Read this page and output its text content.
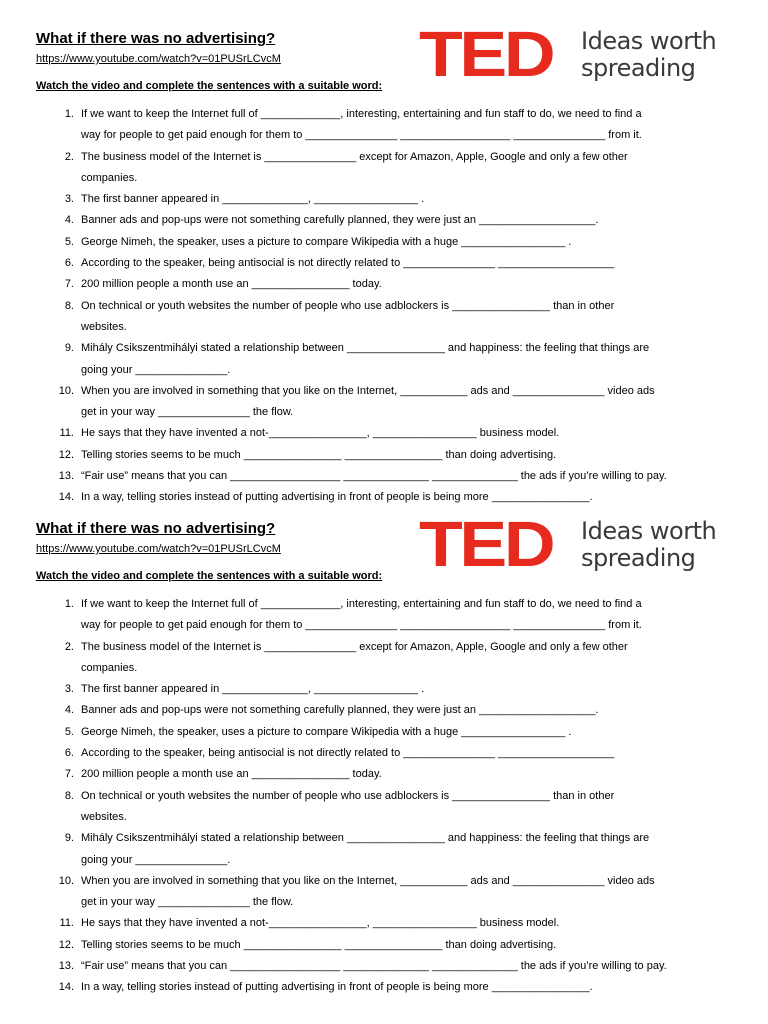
What if there was no advertising?
https://www.youtube.com/watch?v=01PUSrLCvcM
Watch the video and complete the sentences with a suitable word: TED Ideas worth
spreading
1. If we want to keep the Internet full of _____________, interesting, entertaining and fun staff to do, we need to find a
way for people to get paid enough for them to _______________ __________________ _______________ from it.
2. The business model of the Internet is _______________ except for Amazon, Apple, Google and only a few other
companies.
3. The first banner appeared in ______________, _________________ .
4. Banner ads and pop-ups were not something carefully planned, they were just an ___________________.
5. George Nimeh, the speaker, uses a picture to compare Wikipedia with a huge _________________ .
6. According to the speaker, being antisocial is not directly related to _______________ ___________________
7. 200 million people a month use an ________________ today.
8. On technical or youth websites the number of people who use adblockers is ________________ than in other
websites.
9. Mihály Csikszentmihályi stated a relationship between ________________ and happiness: the feeling that things are
going your _______________.
10. When you are involved in something that you like on the Internet, ___________ ads and _______________ video ads
get in your way _______________ the flow.
11. He says that they have invented a not-________________, _________________ business model.
12. Telling stories seems to be much ________________ ________________ than doing advertising.
13. “Fair use” means that you can __________________ ______________ ______________ the ads if you’re willing to pay.
14. In a way, telling stories instead of putting advertising in front of people is being more ________________.
What if there was no advertising?
https://www.youtube.com/watch?v=01PUSrLCvcM
Watch the video and complete the sentences with a suitable word: TED Ideas worth
spreading
1. If we want to keep the Internet full of _____________, interesting, entertaining and fun staff to do, we need to find a
way for people to get paid enough for them to _______________ __________________ _______________ from it.
2. The business model of the Internet is _______________ except for Amazon, Apple, Google and only a few other
companies.
3. The first banner appeared in ______________, _________________ .
4. Banner ads and pop-ups were not something carefully planned, they were just an ___________________.
5. George Nimeh, the speaker, uses a picture to compare Wikipedia with a huge _________________ .
6. According to the speaker, being antisocial is not directly related to _______________ ___________________
7. 200 million people a month use an ________________ today.
8. On technical or youth websites the number of people who use adblockers is ________________ than in other
websites.
9. Mihály Csikszentmihályi stated a relationship between ________________ and happiness: the feeling that things are
going your _______________.
10. When you are involved in something that you like on the Internet, ___________ ads and _______________ video ads
get in your way _______________ the flow.
11. He says that they have invented a not-________________, _________________ business model.
12. Telling stories seems to be much ________________ ________________ than doing advertising.
13. “Fair use” means that you can __________________ ______________ ______________ the ads if you’re willing to pay.
14. In a way, telling stories instead of putting advertising in front of people is being more ________________.
